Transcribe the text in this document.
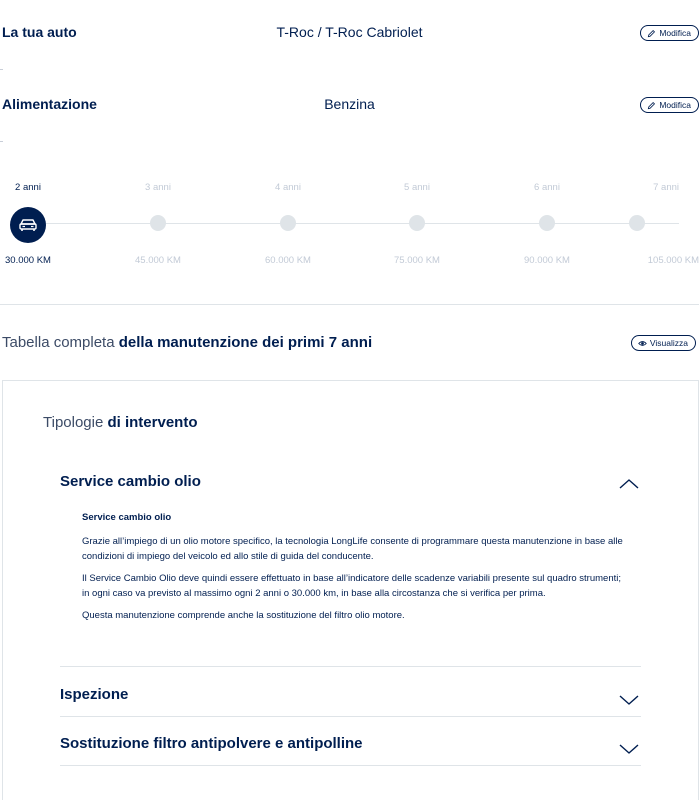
La tua auto	T-Roc / T-Roc Cabriolet	Modifica
Alimentazione	Benzina	Modifica
2 anni
30.000 KM
3 anni
45.000 KM
4 anni
60.000 KM
5 anni
75.000 KM
6 anni
90.000 KM
7 anni
105.000 KM
Tabella completa della manutenzione dei primi 7 anni	Visualizza
Tipologie di intervento
Service cambio olio

Service cambio olio

Grazie all’impiego di un olio motore specifico, la tecnologia LongLife consente di programmare questa manutenzione in base alle condizioni di impiego del veicolo ed allo stile di guida del conducente.

Il Service Cambio Olio deve quindi essere effettuato in base all’indicatore delle scadenze variabili presente sul quadro strumenti; in ogni caso va previsto al massimo ogni 2 anni o 30.000 km, in base alla circostanza che si verifica per prima.

Questa manutenzione comprende anche la sostituzione del filtro olio motore.

Ispezione
Sostituzione filtro antipolvere e antipolline
